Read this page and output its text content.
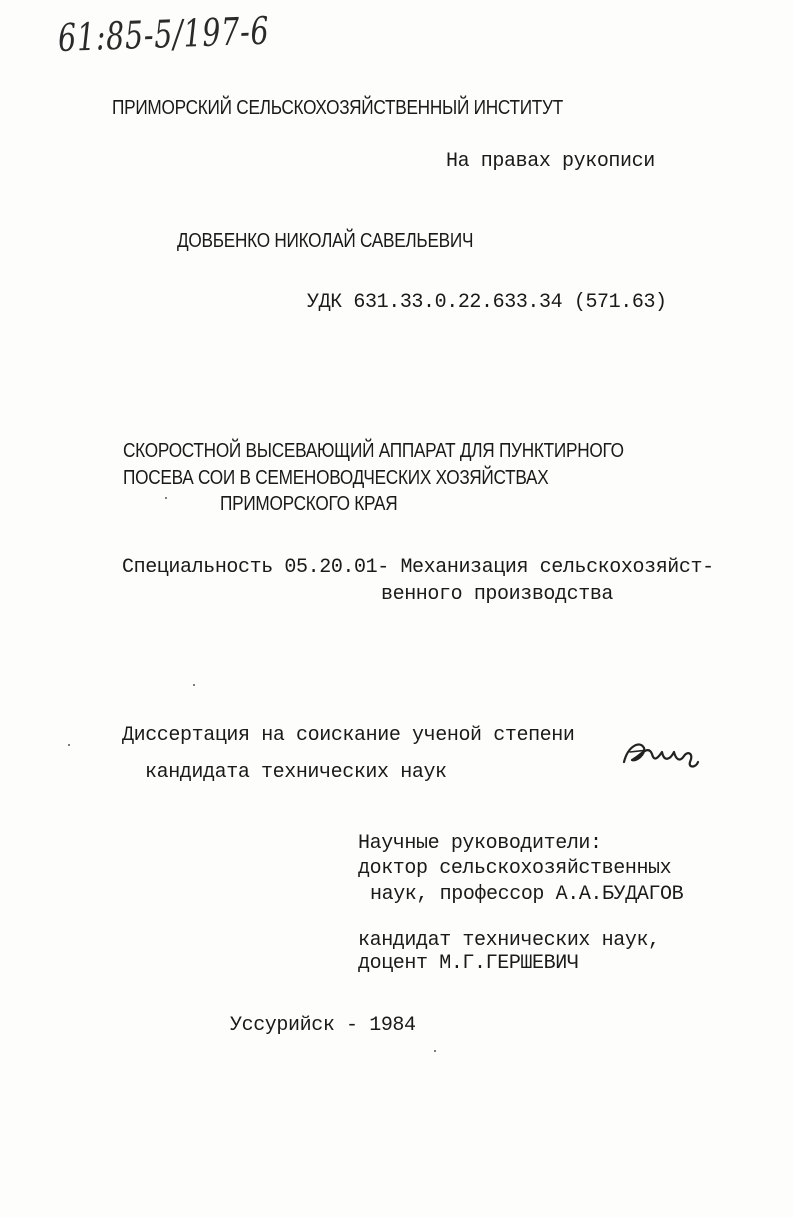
61:85-5/197-6
ПРИМОРСКИЙ СЕЛЬСКОХОЗЯЙСТВЕННЫЙ ИНСТИТУТ
На правах рукописи
ДОВБЕНКО НИКОЛАЙ САВЕЛЬЕВИЧ
УДК 631.33.0.22.633.34 (571.63)
СКОРОСТНОЙ ВЫСЕВАЮЩИЙ АППАРАТ ДЛЯ ПУНКТИРНОГО
ПОСЕВА СОИ В СЕМЕНОВОДЧЕСКИХ ХОЗЯЙСТВАХ
ПРИМОРСКОГО КРАЯ
Специальность 05.20.01- Механизация сельскохозяйст-
венного производства
Диссертация на соискание ученой степени
кандидата технических наук
Научные руководители:
доктор сельскохозяйственных
наук, профессор А.А.БУДАГОВ
кандидат технических наук,
доцент М.Г.ГЕРШЕВИЧ
Уссурийск - 1984
